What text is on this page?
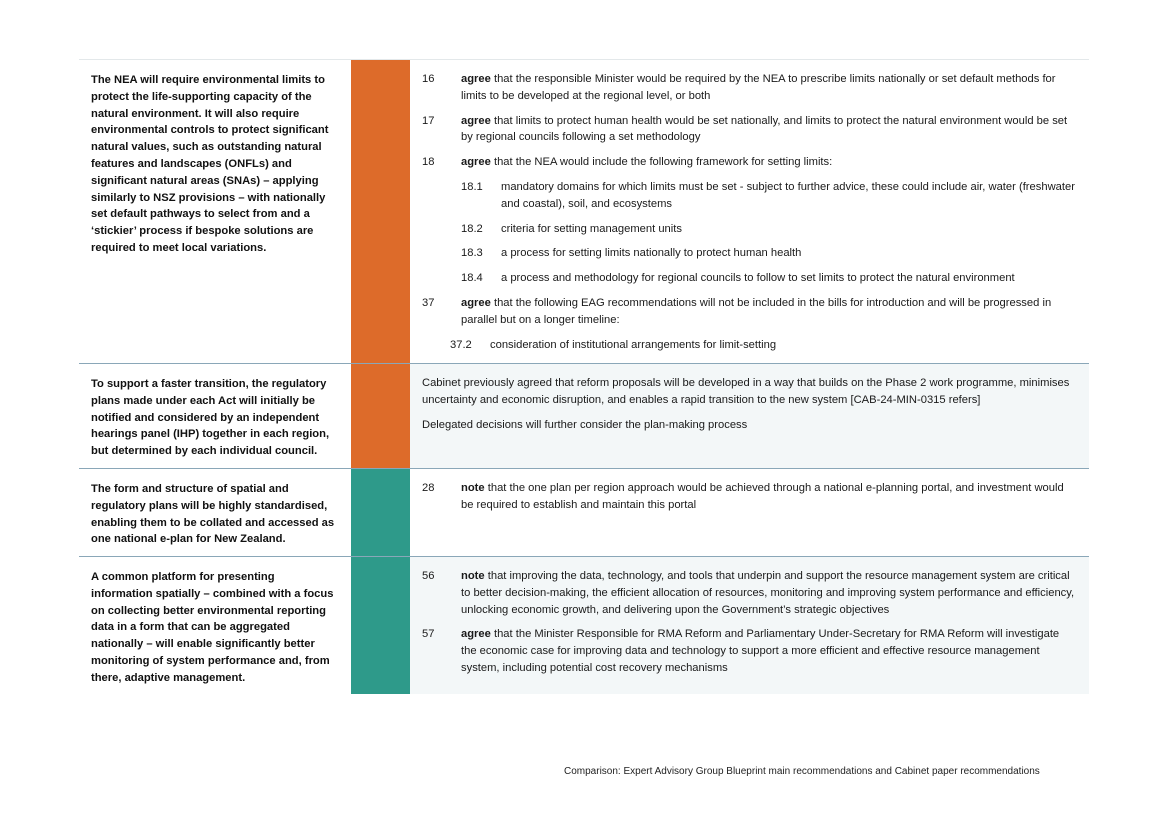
The NEA will require environmental limits to protect the life-supporting capacity of the natural environment. It will also require environmental controls to protect significant natural values, such as outstanding natural features and landscapes (ONFLs) and significant natural areas (SNAs) – applying similarly to NSZ provisions – with nationally set default pathways to select from and a ‘stickier’ process if bespoke solutions are required to meet local variations.
16	agree that the responsible Minister would be required by the NEA to prescribe limits nationally or set default methods for limits to be developed at the regional level, or both
17	agree that limits to protect human health would be set nationally, and limits to protect the natural environment would be set by regional councils following a set methodology
18	agree that the NEA would include the following framework for setting limits:
18.1	mandatory domains for which limits must be set - subject to further advice, these could include air, water (freshwater and coastal), soil, and ecosystems
18.2	criteria for setting management units
18.3	a process for setting limits nationally to protect human health
18.4	a process and methodology for regional councils to follow to set limits to protect the natural environment
37	agree that the following EAG recommendations will not be included in the bills for introduction and will be progressed in parallel but on a longer timeline:
37.2	consideration of institutional arrangements for limit-setting
To support a faster transition, the regulatory plans made under each Act will initially be notified and considered by an independent hearings panel (IHP) together in each region, but determined by each individual council.
Cabinet previously agreed that reform proposals will be developed in a way that builds on the Phase 2 work programme, minimises uncertainty and economic disruption, and enables a rapid transition to the new system [CAB-24-MIN-0315 refers]
Delegated decisions will further consider the plan-making process
The form and structure of spatial and regulatory plans will be highly standardised, enabling them to be collated and accessed as one national e-plan for New Zealand.
28	note that the one plan per region approach would be achieved through a national e-planning portal, and investment would be required to establish and maintain this portal
A common platform for presenting information spatially – combined with a focus on collecting better environmental reporting data in a form that can be aggregated nationally – will enable significantly better monitoring of system performance and, from there, adaptive management.
56	note that improving the data, technology, and tools that underpin and support the resource management system are critical to better decision-making, the efficient allocation of resources, monitoring and improving system performance and efficiency, unlocking economic growth, and delivering upon the Government’s strategic objectives
57	agree that the Minister Responsible for RMA Reform and Parliamentary Under-Secretary for RMA Reform will investigate the economic case for improving data and technology to support a more efficient and effective resource management system, including potential cost recovery mechanisms
Comparison: Expert Advisory Group Blueprint main recommendations and Cabinet paper recommendations
